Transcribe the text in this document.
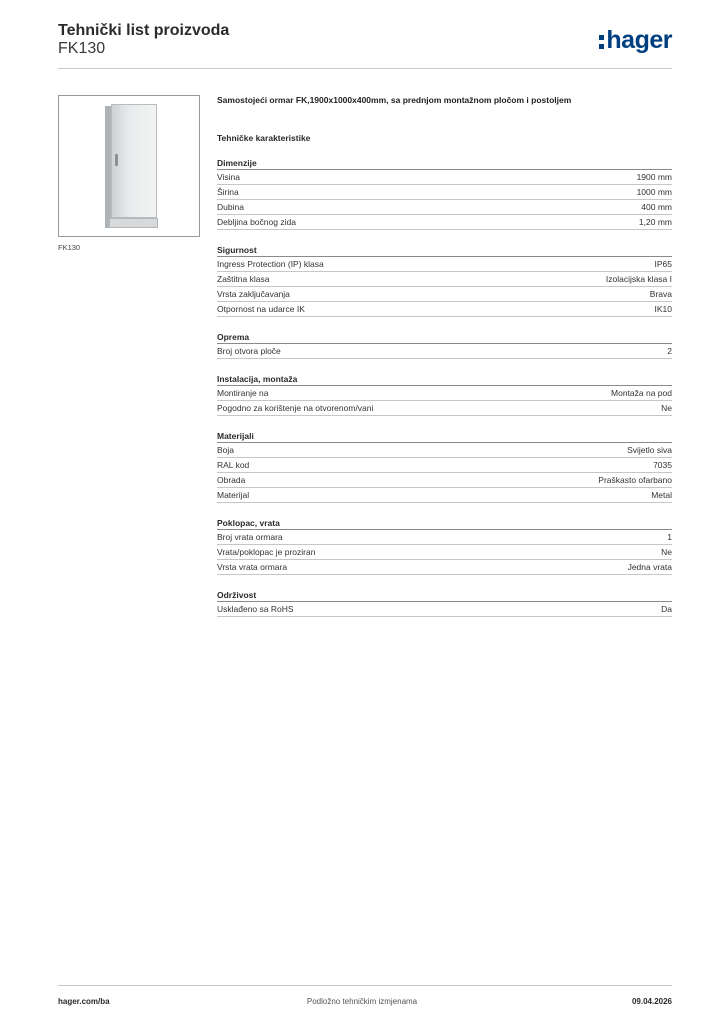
Tehnički list proizvoda
FK130	hager
FK130
Samostojeći ormar FK,1900x1000x400mm, sa prednjom montažnom pločom i postoljem
Tehničke karakteristike
Dimenzije
Visina	1900 mm
Širina	1000 mm
Dubina	400 mm
Debljina bočnog zida	1,20 mm
Sigurnost
Ingress Protection (IP) klasa	IP65
Zaštitna klasa	Izolacijska klasa I
Vrsta zaključavanja	Brava
Otpornost na udarce IK	IK10
Oprema
Broj otvora ploče	2
Instalacija, montaža
Montiranje na	Montaža na pod
Pogodno za korištenje na otvorenom/vani	Ne
Materijali
Boja	Svijetlo siva
RAL kod	7035
Obrada	Praškasto ofarbano
Materijal	Metal
Poklopac, vrata
Broj vrata ormara	1
Vrata/poklopac je proziran	Ne
Vrsta vrata ormara	Jedna vrata
Održivost
Usklađeno sa RoHS	Da
hager.com/ba	Podložno tehničkim izmjenama	09.04.2026
